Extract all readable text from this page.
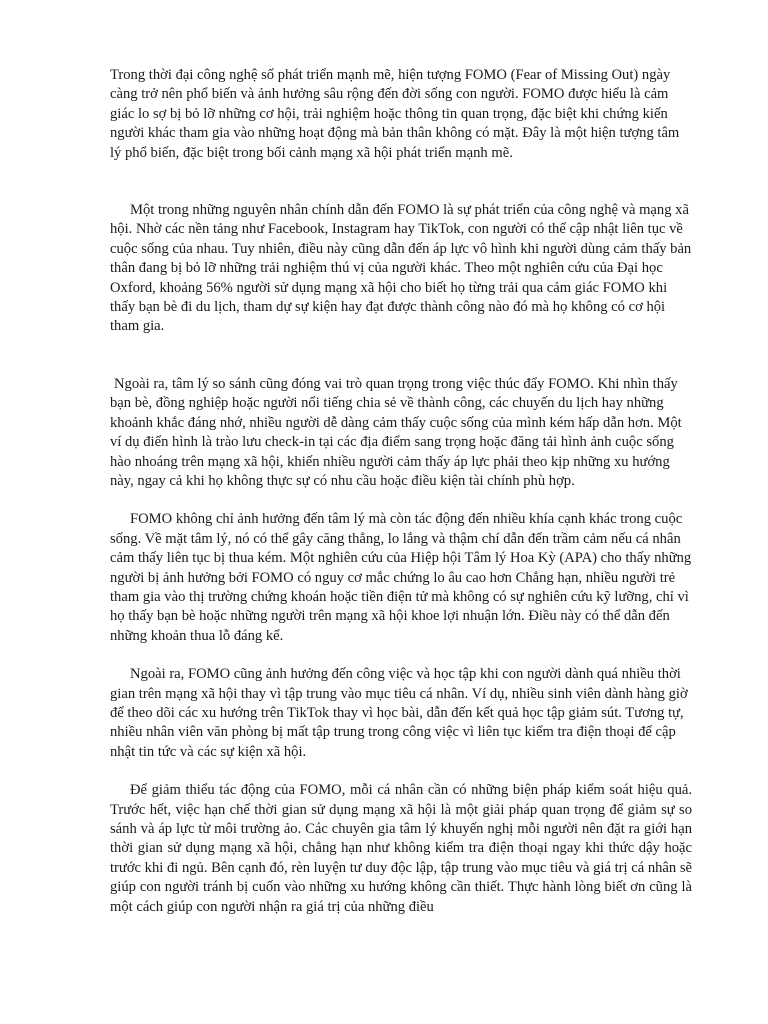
Trong thời đại công nghệ số phát triển mạnh mẽ, hiện tượng FOMO (Fear of Missing Out) ngày càng trở nên phổ biến và ảnh hưởng sâu rộng đến đời sống con người. FOMO được hiểu là cảm giác lo sợ bị bỏ lỡ những cơ hội, trải nghiệm hoặc thông tin quan trọng, đặc biệt khi chứng kiến người khác tham gia vào những hoạt động mà bản thân không có mặt. Đây là một hiện tượng tâm lý phổ biến, đặc biệt trong bối cảnh mạng xã hội phát triển mạnh mẽ.

Một trong những nguyên nhân chính dẫn đến FOMO là sự phát triển của công nghệ và mạng xã hội. Nhờ các nền tảng như Facebook, Instagram hay TikTok, con người có thể cập nhật liên tục về cuộc sống của nhau. Tuy nhiên, điều này cũng dẫn đến áp lực vô hình khi người dùng cảm thấy bản thân đang bị bỏ lỡ những trải nghiệm thú vị của người khác. Theo một nghiên cứu của Đại học Oxford, khoảng 56% người sử dụng mạng xã hội cho biết họ từng trải qua cảm giác FOMO khi thấy bạn bè đi du lịch, tham dự sự kiện hay đạt được thành công nào đó mà họ không có cơ hội tham gia.

Ngoài ra, tâm lý so sánh cũng đóng vai trò quan trọng trong việc thúc đẩy FOMO. Khi nhìn thấy bạn bè, đồng nghiệp hoặc người nổi tiếng chia sẻ về thành công, các chuyến du lịch hay những khoảnh khắc đáng nhớ, nhiều người dễ dàng cảm thấy cuộc sống của mình kém hấp dẫn hơn. Một ví dụ điển hình là trào lưu check-in tại các địa điểm sang trọng hoặc đăng tải hình ảnh cuộc sống hào nhoáng trên mạng xã hội, khiến nhiều người cảm thấy áp lực phải theo kịp những xu hướng này, ngay cả khi họ không thực sự có nhu cầu hoặc điều kiện tài chính phù hợp.

FOMO không chỉ ảnh hưởng đến tâm lý mà còn tác động đến nhiều khía cạnh khác trong cuộc sống. Về mặt tâm lý, nó có thể gây căng thẳng, lo lắng và thậm chí dẫn đến trầm cảm nếu cá nhân cảm thấy liên tục bị thua kém. Một nghiên cứu của Hiệp hội Tâm lý Hoa Kỳ (APA) cho thấy những người bị ảnh hưởng bởi FOMO có nguy cơ mắc chứng lo âu cao hơn Chẳng hạn, nhiều người trẻ tham gia vào thị trường chứng khoán hoặc tiền điện tử mà không có sự nghiên cứu kỹ lưỡng, chỉ vì họ thấy bạn bè hoặc những người trên mạng xã hội khoe lợi nhuận lớn. Điều này có thể dẫn đến những khoản thua lỗ đáng kể.

Ngoài ra, FOMO cũng ảnh hưởng đến công việc và học tập khi con người dành quá nhiều thời gian trên mạng xã hội thay vì tập trung vào mục tiêu cá nhân. Ví dụ, nhiều sinh viên dành hàng giờ để theo dõi các xu hướng trên TikTok thay vì học bài, dẫn đến kết quả học tập giảm sút. Tương tự, nhiều nhân viên văn phòng bị mất tập trung trong công việc vì liên tục kiểm tra điện thoại để cập nhật tin tức và các sự kiện xã hội.

Để giảm thiểu tác động của FOMO, mỗi cá nhân cần có những biện pháp kiểm soát hiệu quả. Trước hết, việc hạn chế thời gian sử dụng mạng xã hội là một giải pháp quan trọng để giảm sự so sánh và áp lực từ môi trường ảo. Các chuyên gia tâm lý khuyến nghị mỗi người nên đặt ra giới hạn thời gian sử dụng mạng xã hội, chẳng hạn như không kiểm tra điện thoại ngay khi thức dậy hoặc trước khi đi ngủ. Bên cạnh đó, rèn luyện tư duy độc lập, tập trung vào mục tiêu và giá trị cá nhân sẽ giúp con người tránh bị cuốn vào những xu hướng không cần thiết. Thực hành lòng biết ơn cũng là một cách giúp con người nhận ra giá trị của những điều
